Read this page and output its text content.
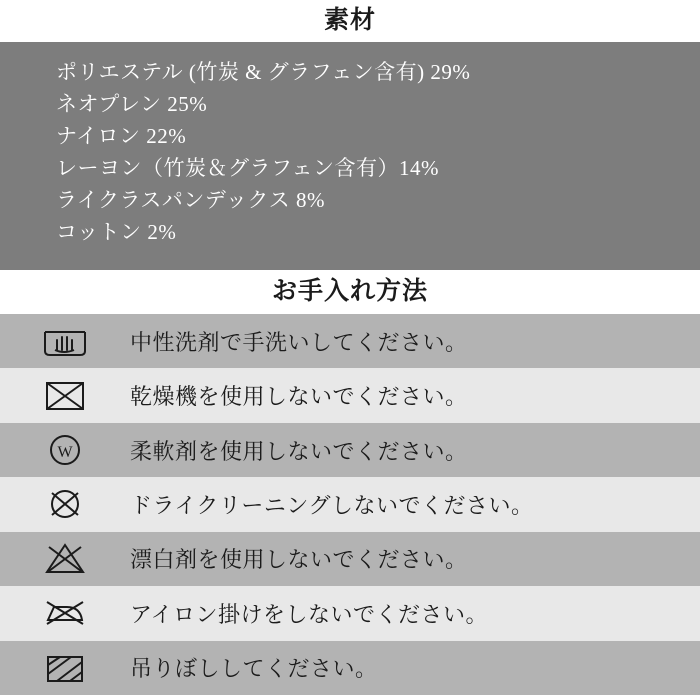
素材
ポリエステル (竹炭 & グラフェン含有) 29%
ネオプレン 25%
ナイロン 22%
レーヨン（竹炭＆グラフェン含有）14%
ライクラスパンデックス 8%
コットン 2%
お手入れ方法
中性洗剤で手洗いしてください。
乾燥機を使用しないでください。
W	柔軟剤を使用しないでください。
ドライクリーニングしないでください。
漂白剤を使用しないでください。
アイロン掛けをしないでください。
吊りぼししてください。
